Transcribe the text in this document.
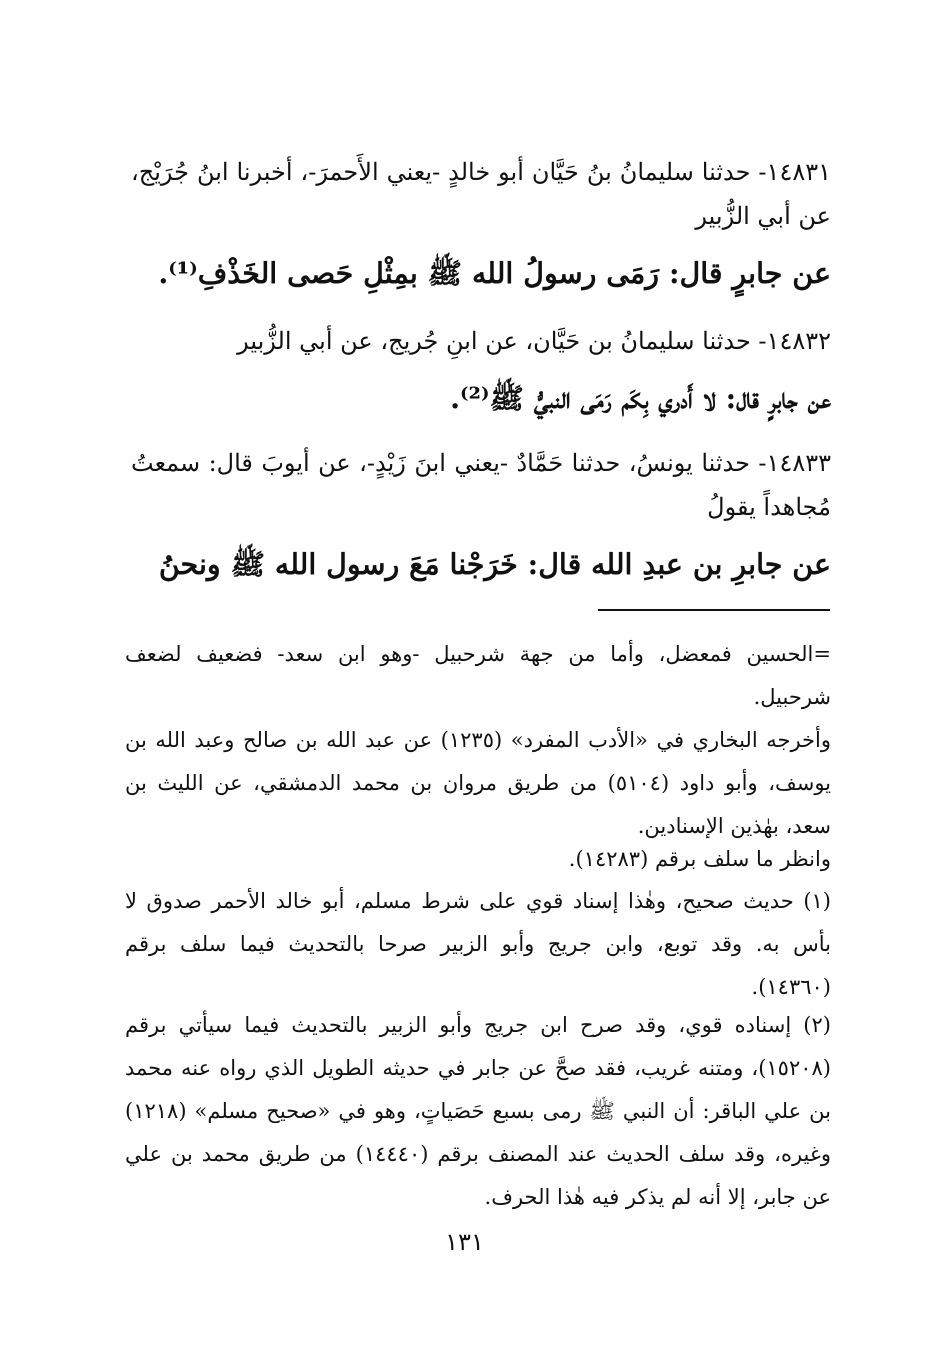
١٤٨٣١- حدثنا سليمانُ بنُ حَيَّان أبو خالدٍ -يعني الأَحمرَ-، أخبرنا ابنُ جُرَيْج، عن أبي الزُّبير
عن جابرٍ قال: رَمَى رسولُ الله ﷺ بمِثْلِ حَصى الخَذْفِ⁽¹⁾.
١٤٨٣٢- حدثنا سليمانُ بن حَيَّان، عن ابنِ جُريج، عن أبي الزُّبير
عن جابرٍ قال: لا أَدري بِكَم رَمَى النبيُّ ﷺ⁽²⁾.
١٤٨٣٣- حدثنا يونسُ، حدثنا حَمَّادٌ -يعني ابنَ زَيْدٍ-، عن أيوبَ قال: سمعتُ مُجاهداً يقولُ
عن جابرِ بن عبدِ الله قال: خَرَجْنا مَعَ رسول الله ﷺ ونحنُ
=الحسين فمعضل، وأما من جهة شرحبيل -وهو ابن سعد- فضعيف لضعف شرحبيل.
وأخرجه البخاري في «الأدب المفرد» (١٢٣٥) عن عبد الله بن صالح وعبد الله بن يوسف، وأبو داود (٥١٠٤) من طريق مروان بن محمد الدمشقي، عن الليث بن سعد، بهٰذين الإسنادين.
وانظر ما سلف برقم (١٤٢٨٣).
(١) حديث صحيح، وهٰذا إسناد قوي على شرط مسلم، أبو خالد الأحمر صدوق لا بأس به. وقد توبع، وابن جريج وأبو الزبير صرحا بالتحديث فيما سلف برقم (١٤٣٦٠).
(٢) إسناده قوي، وقد صرح ابن جريج وأبو الزبير بالتحديث فيما سيأتي برقم (١٥٢٠٨)، ومتنه غريب، فقد صحَّ عن جابر في حديثه الطويل الذي رواه عنه محمد بن علي الباقر: أن النبي ﷺ رمى بسبع حَصَياتٍ، وهو في «صحيح مسلم» (١٢١٨) وغيره، وقد سلف الحديث عند المصنف برقم (١٤٤٤٠) من طريق محمد بن علي عن جابر، إلا أنه لم يذكر فيه هٰذا الحرف.
١٣١
